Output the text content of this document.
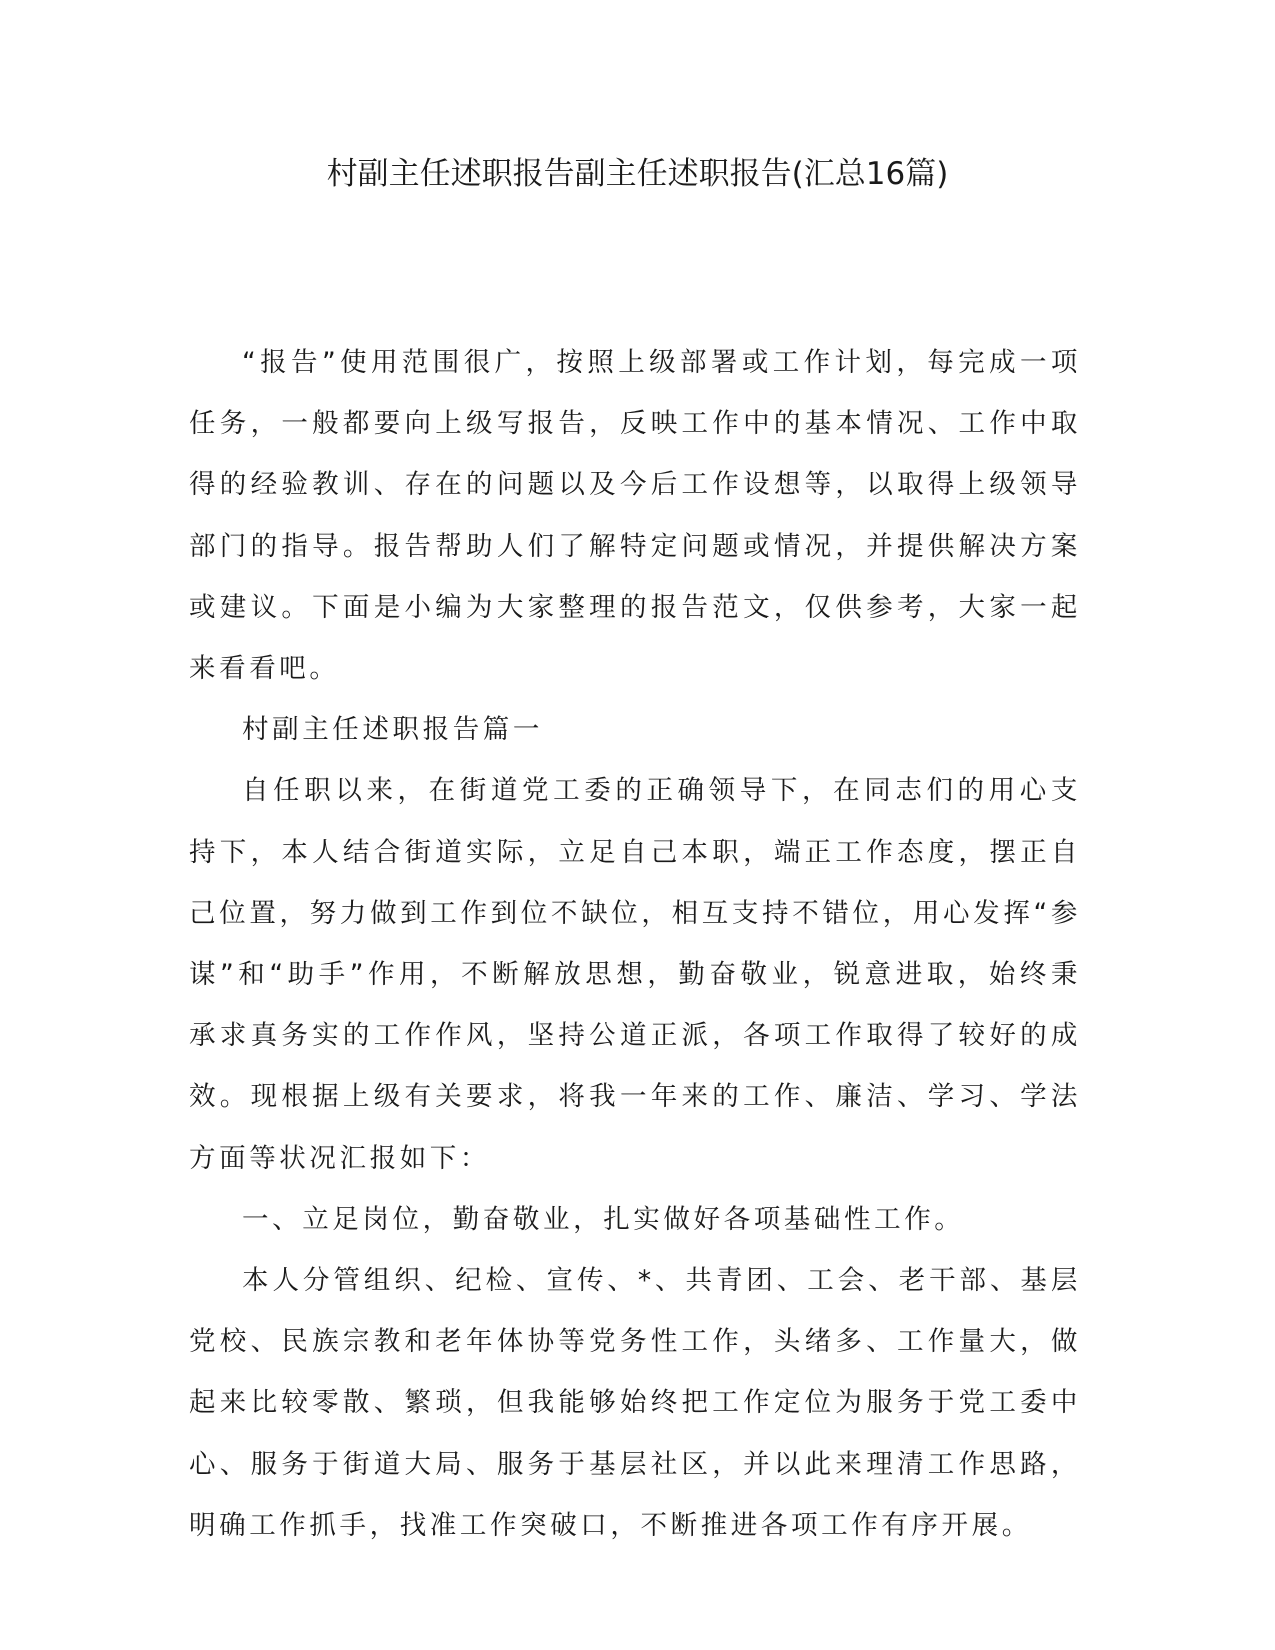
村副主任述职报告副主任述职报告(汇总16篇)

“报告”使用范围很广，按照上级部署或工作计划，每完成一项任务，一般都要向上级写报告，反映工作中的基本情况、工作中取得的经验教训、存在的问题以及今后工作设想等，以取得上级领导部门的指导。报告帮助人们了解特定问题或情况，并提供解决方案或建议。下面是小编为大家整理的报告范文，仅供参考，大家一起来看看吧。

村副主任述职报告篇一

自任职以来，在街道党工委的正确领导下，在同志们的用心支持下，本人结合街道实际，立足自己本职，端正工作态度，摆正自己位置，努力做到工作到位不缺位，相互支持不错位，用心发挥“参谋”和“助手”作用，不断解放思想，勤奋敬业，锐意进取，始终秉承求真务实的工作作风，坚持公道正派，各项工作取得了较好的成效。现根据上级有关要求，将我一年来的工作、廉洁、学习、学法方面等状况汇报如下：

一、立足岗位，勤奋敬业，扎实做好各项基础性工作。

本人分管组织、纪检、宣传、*、共青团、工会、老干部、基层党校、民族宗教和老年体协等党务性工作，头绪多、工作量大，做起来比较零散、繁琐，但我能够始终把工作定位为服务于党工委中心、服务于街道大局、服务于基层社区，并以此来理清工作思路，明确工作抓手，找准工作突破口，不断推进各项工作有序开展。
